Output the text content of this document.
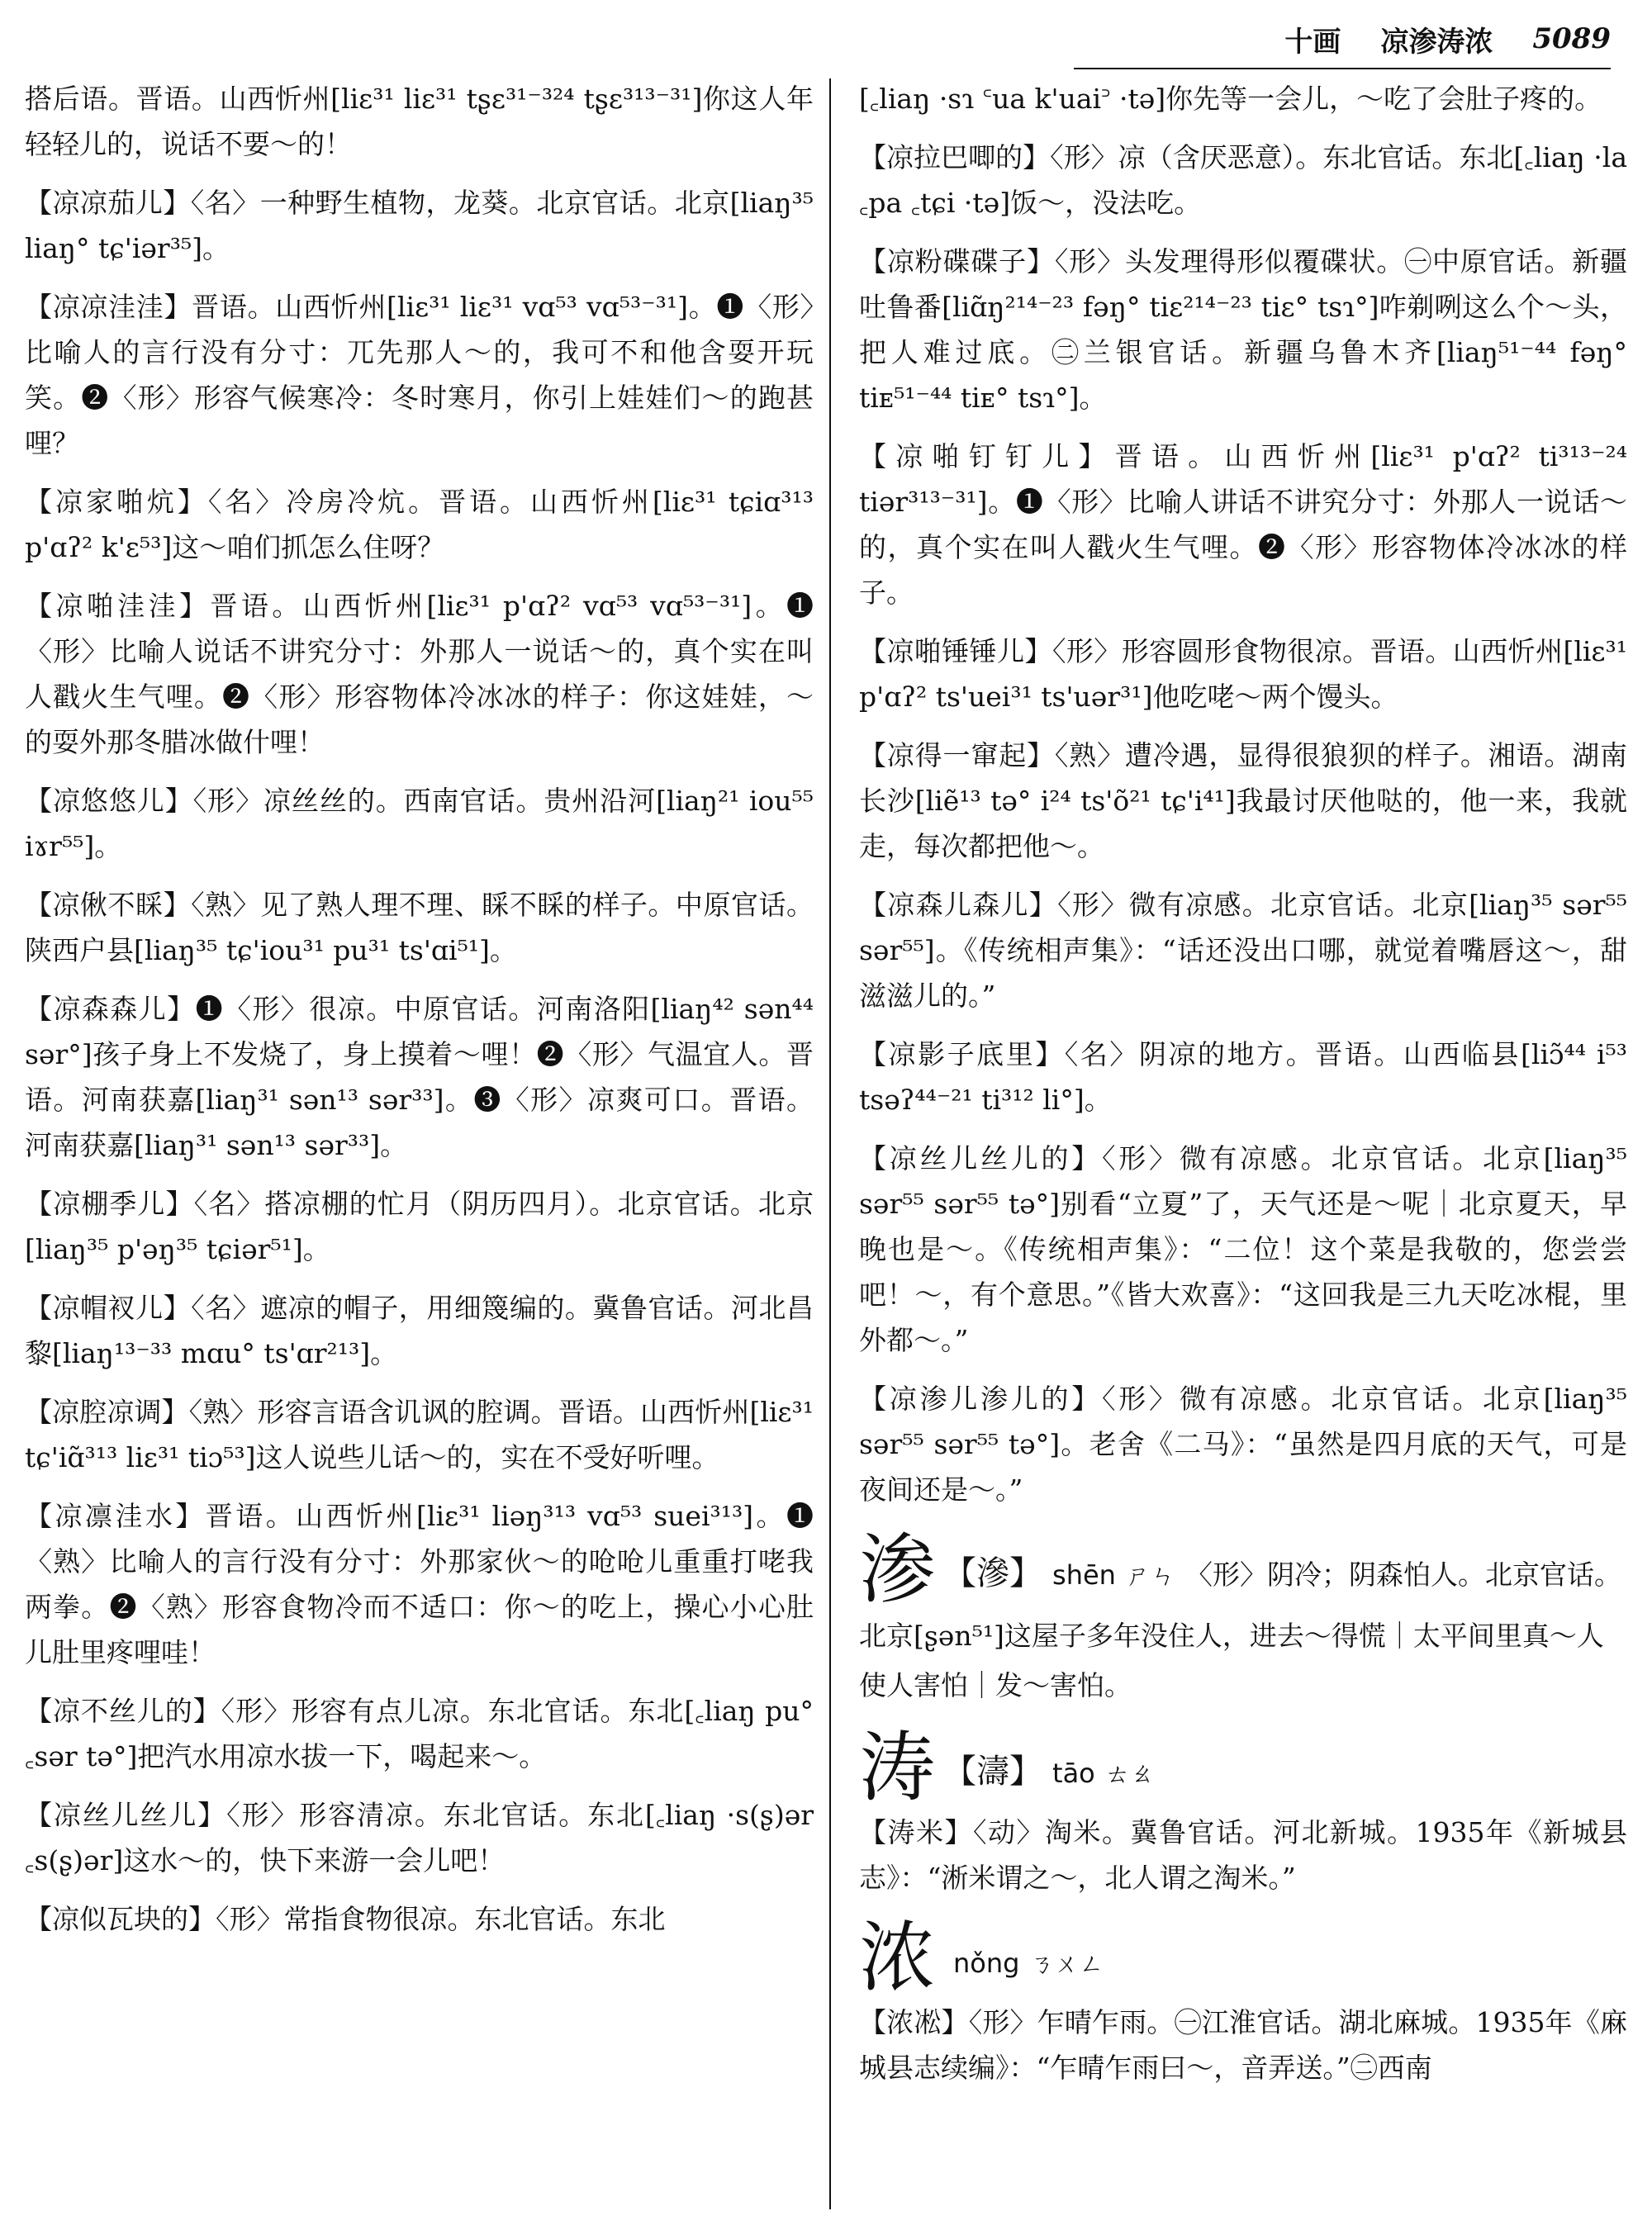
十画 凉渗涛浓 5089

搭后语。晋语。山西忻州[liɛ³¹ liɛ³¹ tʂɛ³¹⁻³²⁴ tʂɛ³¹³⁻³¹]你这人年轻轻儿的，说话不要～的！

【凉凉茄儿】〈名〉一种野生植物，龙葵。北京官话。北京[liaŋ³⁵ liaŋ° tɕ'iər³⁵]。

【凉凉洼洼】晋语。山西忻州[liɛ³¹ liɛ³¹ vɑ⁵³ vɑ⁵³⁻³¹]。❶〈形〉比喻人的言行没有分寸：兀先那人～的，我可不和他含耍开玩笑。❷〈形〉形容气候寒冷：冬时寒月，你引上娃娃们～的跑甚哩？

【凉家啪炕】〈名〉冷房冷炕。晋语。山西忻州[liɛ³¹ tɕiɑ³¹³ p'ɑʔ² k'ɛ⁵³]这～咱们抓怎么住呀？

【凉啪洼洼】晋语。山西忻州[liɛ³¹ p'ɑʔ² vɑ⁵³ vɑ⁵³⁻³¹]。❶〈形〉比喻人说话不讲究分寸：外那人一说话～的，真个实在叫人戳火生气哩。❷〈形〉形容物体冷冰冰的样子：你这娃娃，～的耍外那冬腊冰做什哩！

【凉悠悠儿】〈形〉凉丝丝的。西南官话。贵州沿河[liaŋ²¹ iou⁵⁵ iɤr⁵⁵]。

【凉偢不睬】〈熟〉见了熟人理不理、睬不睬的样子。中原官话。陕西户县[liaŋ³⁵ tɕ'iou³¹ pu³¹ ts'ɑi⁵¹]。

【凉森森儿】❶〈形〉很凉。中原官话。河南洛阳[liaŋ⁴² sən⁴⁴ sər°]孩子身上不发烧了，身上摸着～哩！❷〈形〉气温宜人。晋语。河南获嘉[liaŋ³¹ sən¹³ sər³³]。❸〈形〉凉爽可口。晋语。河南获嘉[liaŋ³¹ sən¹³ sər³³]。

【凉棚季儿】〈名〉搭凉棚的忙月（阴历四月）。北京官话。北京[liaŋ³⁵ p'əŋ³⁵ tɕiər⁵¹]。

【凉帽衩儿】〈名〉遮凉的帽子，用细篾编的。冀鲁官话。河北昌黎[liaŋ¹³⁻³³ mɑu° ts'ɑr²¹³]。

【凉腔凉调】〈熟〉形容言语含讥讽的腔调。晋语。山西忻州[liɛ³¹ tɕ'iɑ̃³¹³ liɛ³¹ tiɔ⁵³]这人说些儿话～的，实在不受好听哩。

【凉凛洼水】晋语。山西忻州[liɛ³¹ liəŋ³¹³ vɑ⁵³ suei³¹³]。❶〈熟〉比喻人的言行没有分寸：外那家伙～的呛呛儿重重打咾我两拳。❷〈熟〉形容食物冷而不适口：你～的吃上，操心小心肚儿肚里疼哩哇！

【凉不丝儿的】〈形〉形容有点儿凉。东北官话。东北[꜀liaŋ pu° ꜀sər tə°]把汽水用凉水拔一下，喝起来～。

【凉丝儿丝儿】〈形〉形容清凉。东北官话。东北[꜀liaŋ ·s(ʂ)ər ꜀s(ʂ)ər]这水～的，快下来游一会儿吧！

【凉似瓦块的】〈形〉常指食物很凉。东北官话。东北

[꜀liaŋ ·sɿ ꜂ua k'uai꜄ ·tə]你先等一会儿，～吃了会肚子疼的。

【凉拉巴唧的】〈形〉凉（含厌恶意）。东北官话。东北[꜀liaŋ ·la ꜀pa ꜀tɕi ·tə]饭～，没法吃。

【凉粉碟碟子】〈形〉头发理得形似覆碟状。㊀中原官话。新疆吐鲁番[liɑ̃ŋ²¹⁴⁻²³ fəŋ° tiɛ²¹⁴⁻²³ tiɛ° tsɿ°]咋剃咧这么个～头，把人难过底。㊁兰银官话。新疆乌鲁木齐[liaŋ⁵¹⁻⁴⁴ fəŋ° tiᴇ⁵¹⁻⁴⁴ tiᴇ° tsɿ°]。

【凉啪钉钉儿】晋语。山西忻州[liɛ³¹ p'ɑʔ² ti³¹³⁻²⁴ tiər³¹³⁻³¹]。❶〈形〉比喻人讲话不讲究分寸：外那人一说话～的，真个实在叫人戳火生气哩。❷〈形〉形容物体冷冰冰的样子。

【凉啪锤锤儿】〈形〉形容圆形食物很凉。晋语。山西忻州[liɛ³¹ p'ɑʔ² ts'uei³¹ ts'uər³¹]他吃咾～两个馒头。

【凉得一窜起】〈熟〉遭冷遇，显得很狼狈的样子。湘语。湖南长沙[liẽ¹³ tə° i²⁴ ts'õ²¹ tɕ'i⁴¹]我最讨厌他哒的，他一来，我就走，每次都把他～。

【凉森儿森儿】〈形〉微有凉感。北京官话。北京[liaŋ³⁵ sər⁵⁵ sər⁵⁵]。《传统相声集》：“话还没出口哪，就觉着嘴唇这～，甜滋滋儿的。”

【凉影子底里】〈名〉阴凉的地方。晋语。山西临县[liɔ̃⁴⁴ i⁵³ tsəʔ⁴⁴⁻²¹ ti³¹² li°]。

【凉丝儿丝儿的】〈形〉微有凉感。北京官话。北京[liaŋ³⁵ sər⁵⁵ sər⁵⁵ tə°]别看“立夏”了，天气还是～呢｜北京夏天，早晚也是～。《传统相声集》：“二位！这个菜是我敬的，您尝尝吧！～，有个意思。”《皆大欢喜》：“这回我是三九天吃冰棍，里外都～。”

【凉渗儿渗儿的】〈形〉微有凉感。北京官话。北京[liaŋ³⁵ sər⁵⁵ sər⁵⁵ tə°]。老舍《二马》：“虽然是四月底的天气，可是夜间还是～。”

渗 【滲】 shēn ㄕㄣ 〈形〉阴冷；阴森怕人。北京官话。北京[ʂən⁵¹]这屋子多年没住人，进去～得慌｜太平间里真～人使人害怕｜发～害怕。
涛 【濤】 tāo ㄊㄠ

【涛米】〈动〉淘米。冀鲁官话。河北新城。1935年《新城县志》：“淅米谓之～，北人谓之淘米。”

浓nǒng ㄋㄨㄥ

【浓凇】〈形〉乍晴乍雨。㊀江淮官话。湖北麻城。1935年《麻城县志续编》：“乍晴乍雨曰～，音弄送。”㊁西南
